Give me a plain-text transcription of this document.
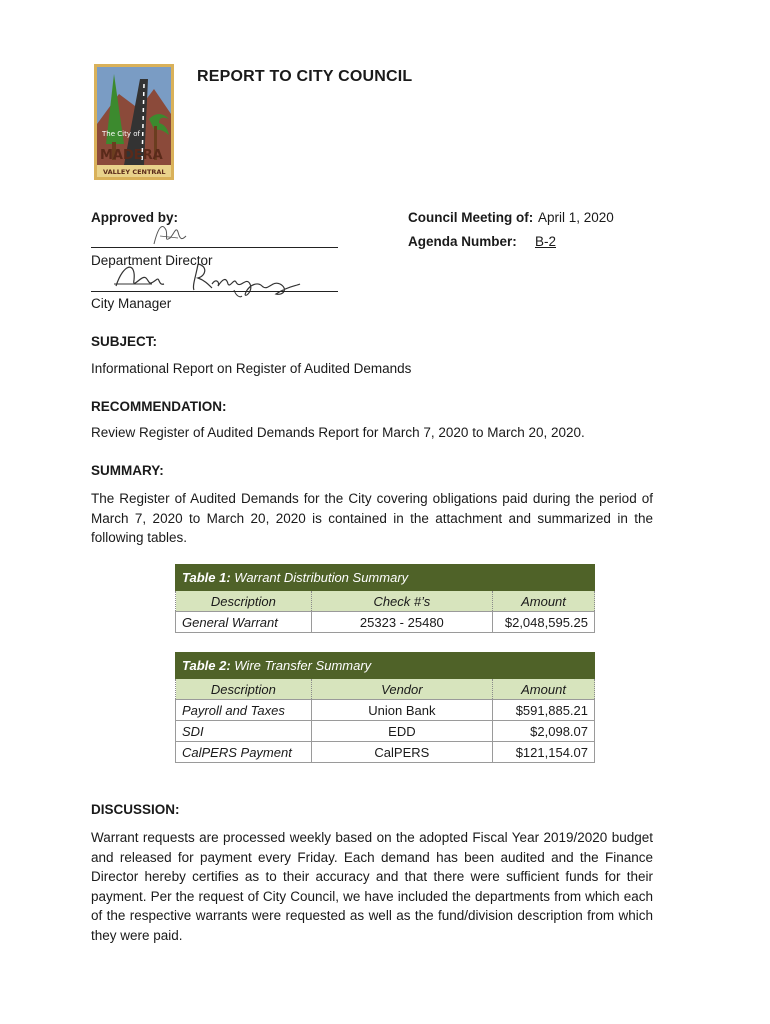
The City of
MADERA
VALLEY CENTRAL
REPORT TO CITY COUNCIL
Approved by:
Department Director
City Manager
Council Meeting of: April 1, 2020
Agenda Number: B-2
SUBJECT:
Informational Report on Register of Audited Demands
RECOMMENDATION:
Review Register of Audited Demands Report for March 7, 2020 to March 20, 2020.
SUMMARY:
The Register of Audited Demands for the City covering obligations paid during the period of March 7, 2020 to March 20, 2020 is contained in the attachment and summarized in the following tables.
Table 1: Warrant Distribution Summary		
Description	Check #’s	Amount
General Warrant	25323 - 25480	$2,048,595.25
Table 2: Wire Transfer Summary		
Description	Vendor	Amount
Payroll and Taxes	Union Bank	$591,885.21
SDI	EDD	$2,098.07
CalPERS Payment	CalPERS	$121,154.07
DISCUSSION:
Warrant requests are processed weekly based on the adopted Fiscal Year 2019/2020 budget and released for payment every Friday. Each demand has been audited and the Finance Director hereby certifies as to their accuracy and that there were sufficient funds for their payment. Per the request of City Council, we have included the departments from which each of the respective warrants were requested as well as the fund/division description from which they were paid.
